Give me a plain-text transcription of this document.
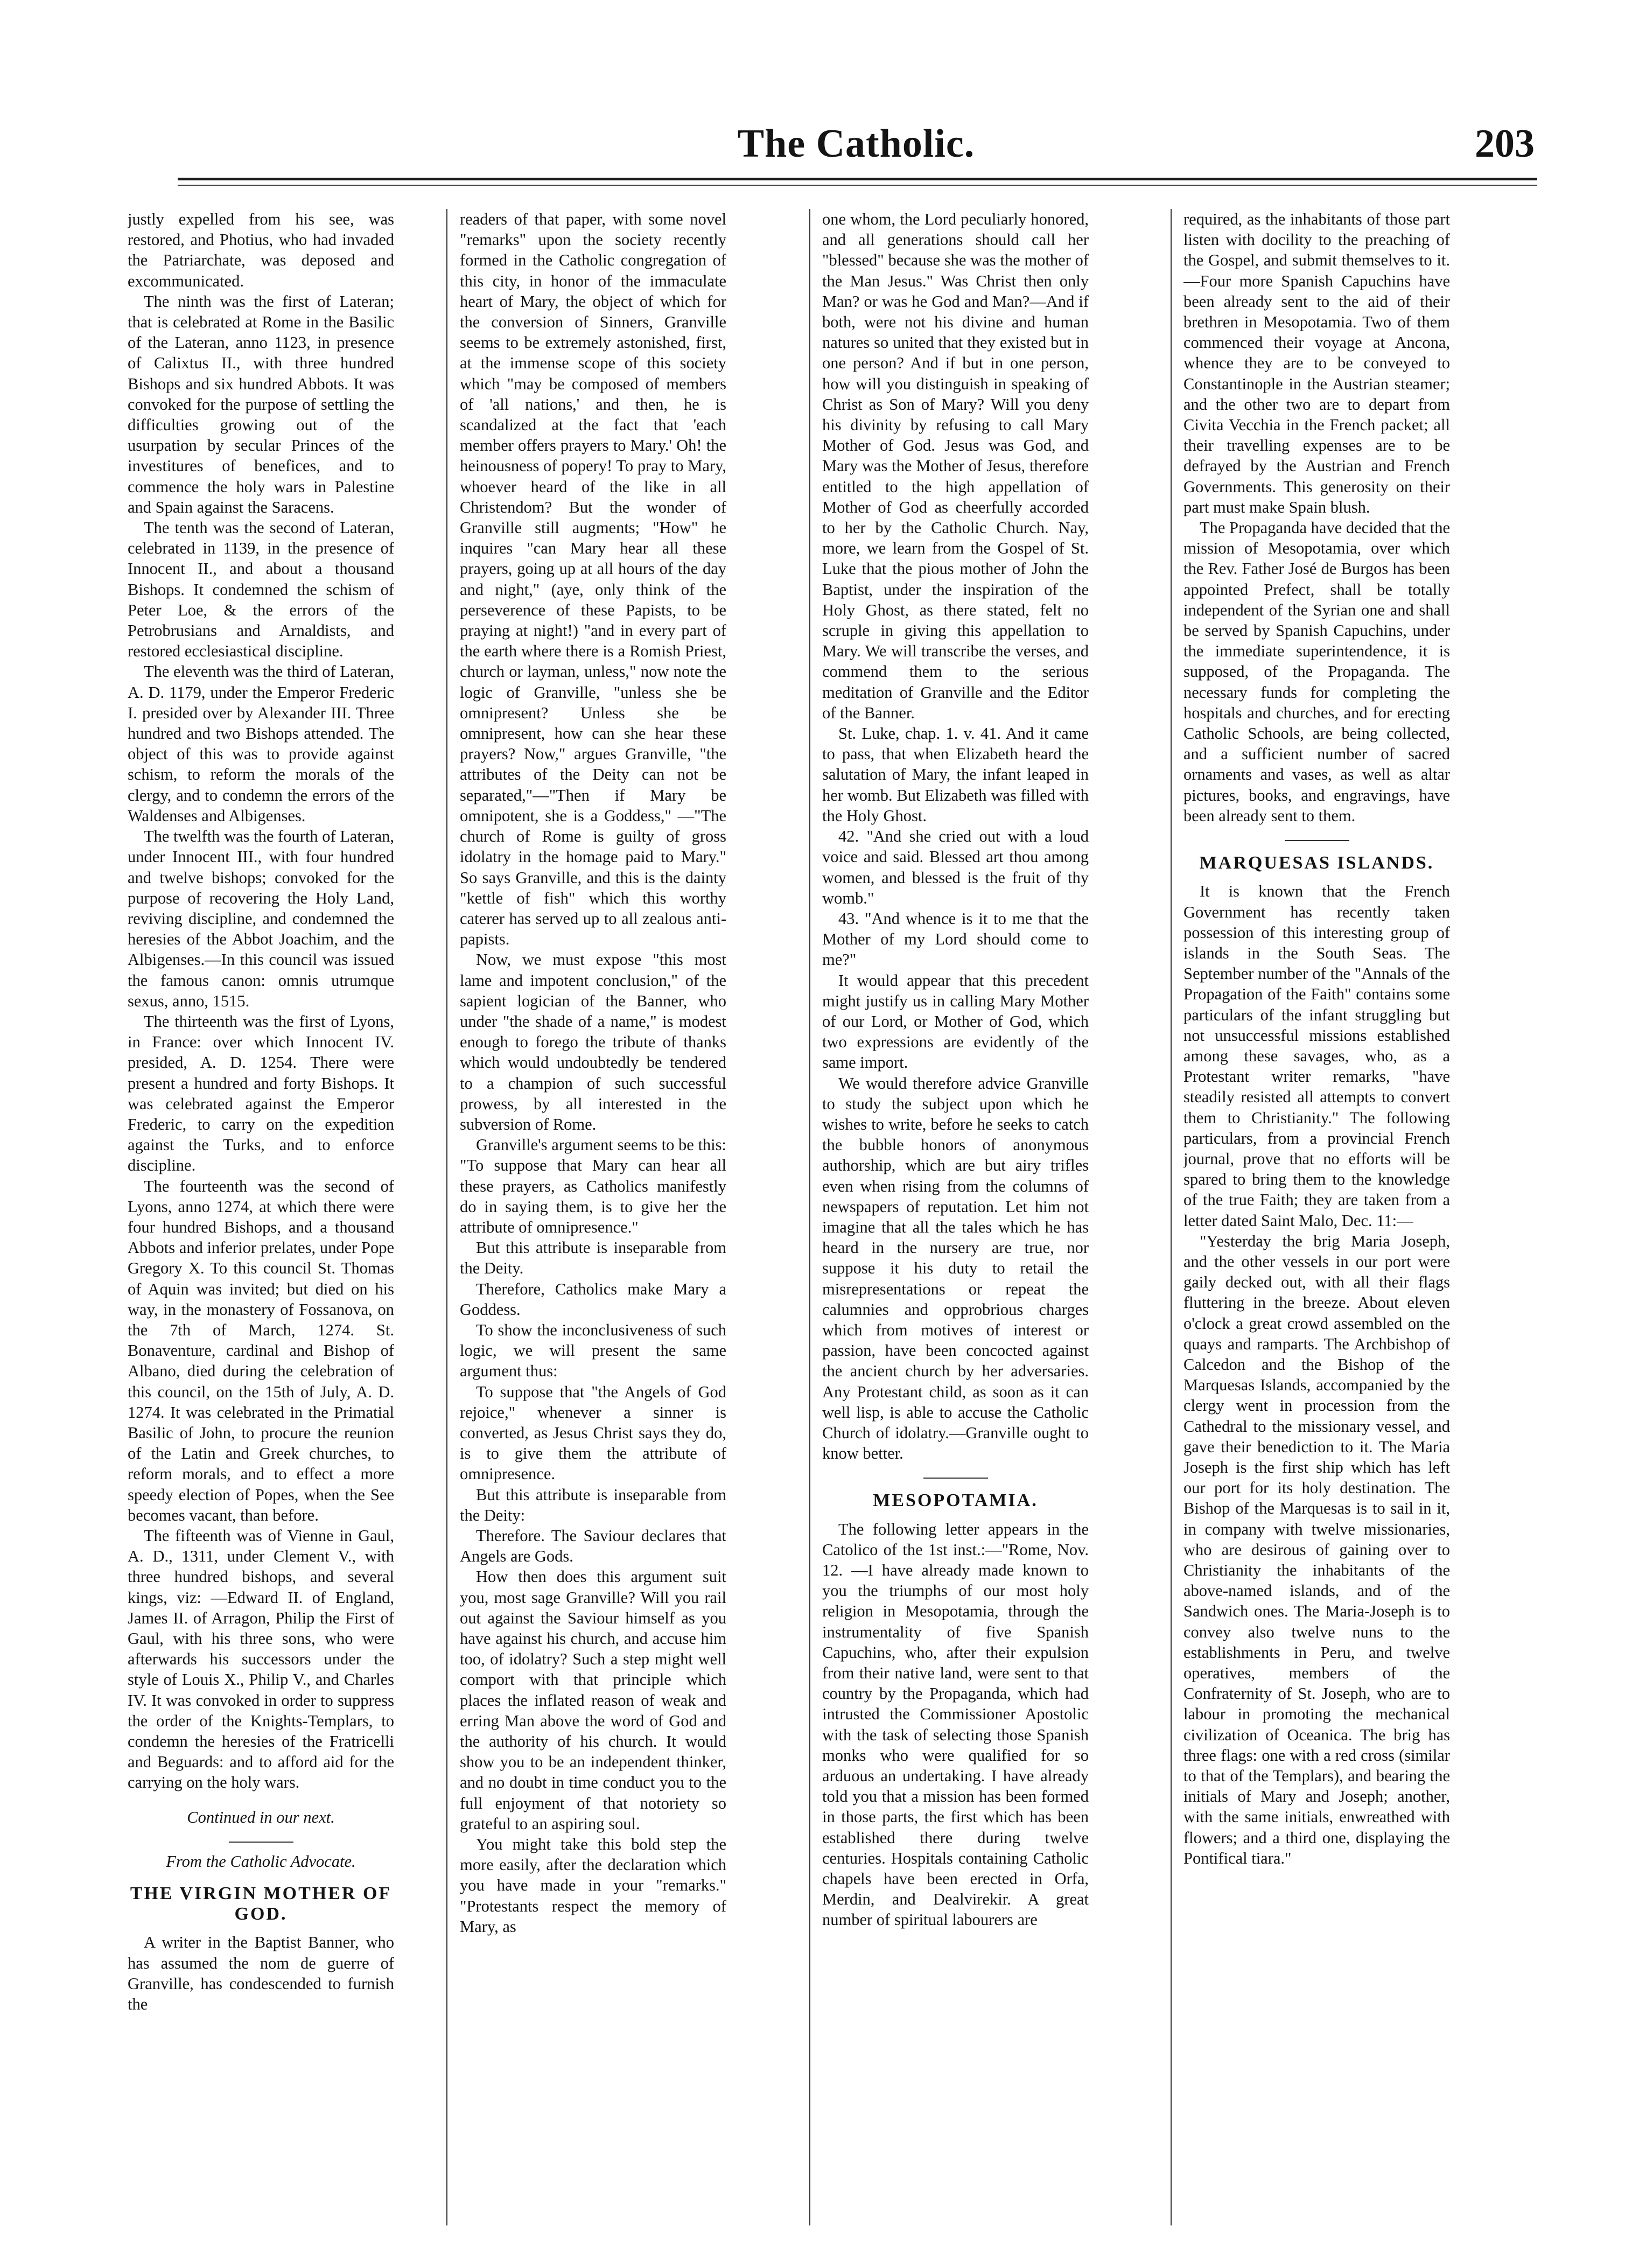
The Catholic.	203

justly expelled from his see, was restored, and Photius, who had invaded the Patriarchate, was deposed and excommunicated.

The ninth was the first of Lateran; that is celebrated at Rome in the Basilic of the Lateran, anno 1123, in presence of Calixtus II., with three hundred Bishops and six hundred Abbots. It was convoked for the purpose of settling the difficulties growing out of the usurpation by secular Princes of the investitures of benefices, and to commence the holy wars in Palestine and Spain against the Saracens.

The tenth was the second of Lateran, celebrated in 1139, in the presence of Innocent II., and about a thousand Bishops. It condemned the schism of Peter Loe, & the errors of the Petrobrusians and Arnaldists, and restored ecclesiastical discipline.

The eleventh was the third of Lateran, A. D. 1179, under the Emperor Frederic I. presided over by Alexander III. Three hundred and two Bishops attended. The object of this was to provide against schism, to reform the morals of the clergy, and to condemn the errors of the Waldenses and Albigenses.

The twelfth was the fourth of Lateran, under Innocent III., with four hundred and twelve bishops; convoked for the purpose of recovering the Holy Land, reviving discipline, and condemned the heresies of the Abbot Joachim, and the Albigenses.—In this council was issued the famous canon: omnis utrumque sexus, anno, 1515.

The thirteenth was the first of Lyons, in France: over which Innocent IV. presided, A. D. 1254. There were present a hundred and forty Bishops. It was celebrated against the Emperor Frederic, to carry on the expedition against the Turks, and to enforce discipline.

The fourteenth was the second of Lyons, anno 1274, at which there were four hundred Bishops, and a thousand Abbots and inferior prelates, under Pope Gregory X. To this council St. Thomas of Aquin was invited; but died on his way, in the monastery of Fossanova, on the 7th of March, 1274. St. Bonaventure, cardinal and Bishop of Albano, died during the celebration of this council, on the 15th of July, A. D. 1274. It was celebrated in the Primatial Basilic of John, to procure the reunion of the Latin and Greek churches, to reform morals, and to effect a more speedy election of Popes, when the See becomes vacant, than before.

The fifteenth was of Vienne in Gaul, A. D., 1311, under Clement V., with three hundred bishops, and several kings, viz: —Edward II. of England, James II. of Arragon, Philip the First of Gaul, with his three sons, who were afterwards his successors under the style of Louis X., Philip V., and Charles IV. It was convoked in order to suppress the order of the Knights-Templars, to condemn the heresies of the Fratricelli and Beguards: and to afford aid for the carrying on the holy wars.

Continued in our next.

From the Catholic Advocate.

THE VIRGIN MOTHER OF GOD.

A writer in the Baptist Banner, who has assumed the nom de guerre of Granville, has condescended to furnish the

readers of that paper, with some novel "remarks" upon the society recently formed in the Catholic congregation of this city, in honor of the immaculate heart of Mary, the object of which for the conversion of Sinners, Granville seems to be extremely astonished, first, at the immense scope of this society which "may be composed of members of 'all nations,' and then, he is scandalized at the fact that 'each member offers prayers to Mary.' Oh! the heinousness of popery! To pray to Mary, whoever heard of the like in all Christendom? But the wonder of Granville still augments; "How" he inquires "can Mary hear all these prayers, going up at all hours of the day and night," (aye, only think of the perseverence of these Papists, to be praying at night!) "and in every part of the earth where there is a Romish Priest, church or layman, unless," now note the logic of Granville, "unless she be omnipresent? Unless she be omnipresent, how can she hear these prayers? Now," argues Granville, "the attributes of the Deity can not be separated,"—"Then if Mary be omnipotent, she is a Goddess," —"The church of Rome is guilty of gross idolatry in the homage paid to Mary." So says Granville, and this is the dainty "kettle of fish" which this worthy caterer has served up to all zealous anti-papists.

Now, we must expose "this most lame and impotent conclusion," of the sapient logician of the Banner, who under "the shade of a name," is modest enough to forego the tribute of thanks which would undoubtedly be tendered to a champion of such successful prowess, by all interested in the subversion of Rome.

Granville's argument seems to be this: "To suppose that Mary can hear all these prayers, as Catholics manifestly do in saying them, is to give her the attribute of omnipresence."

But this attribute is inseparable from the Deity.

Therefore, Catholics make Mary a Goddess.

To show the inconclusiveness of such logic, we will present the same argument thus:

To suppose that "the Angels of God rejoice," whenever a sinner is converted, as Jesus Christ says they do, is to give them the attribute of omnipresence.

But this attribute is inseparable from the Deity:

Therefore. The Saviour declares that Angels are Gods.

How then does this argument suit you, most sage Granville? Will you rail out against the Saviour himself as you have against his church, and accuse him too, of idolatry? Such a step might well comport with that principle which places the inflated reason of weak and erring Man above the word of God and the authority of his church. It would show you to be an independent thinker, and no doubt in time conduct you to the full enjoyment of that notoriety so grateful to an aspiring soul.

You might take this bold step the more easily, after the declaration which you have made in your "remarks." "Protestants respect the memory of Mary, as

one whom, the Lord peculiarly honored, and all generations should call her "blessed" because she was the mother of the Man Jesus." Was Christ then only Man? or was he God and Man?—And if both, were not his divine and human natures so united that they existed but in one person? And if but in one person, how will you distinguish in speaking of Christ as Son of Mary? Will you deny his divinity by refusing to call Mary Mother of God. Jesus was God, and Mary was the Mother of Jesus, therefore entitled to the high appellation of Mother of God as cheerfully accorded to her by the Catholic Church. Nay, more, we learn from the Gospel of St. Luke that the pious mother of John the Baptist, under the inspiration of the Holy Ghost, as there stated, felt no scruple in giving this appellation to Mary. We will transcribe the verses, and commend them to the serious meditation of Granville and the Editor of the Banner.

St. Luke, chap. 1. v. 41. And it came to pass, that when Elizabeth heard the salutation of Mary, the infant leaped in her womb. But Elizabeth was filled with the Holy Ghost.

42. "And she cried out with a loud voice and said. Blessed art thou among women, and blessed is the fruit of thy womb."

43. "And whence is it to me that the Mother of my Lord should come to me?"

It would appear that this precedent might justify us in calling Mary Mother of our Lord, or Mother of God, which two expressions are evidently of the same import.

We would therefore advice Granville to study the subject upon which he wishes to write, before he seeks to catch the bubble honors of anonymous authorship, which are but airy trifles even when rising from the columns of newspapers of reputation. Let him not imagine that all the tales which he has heard in the nursery are true, nor suppose it his duty to retail the misrepresentations or repeat the calumnies and opprobrious charges which from motives of interest or passion, have been concocted against the ancient church by her adversaries. Any Protestant child, as soon as it can well lisp, is able to accuse the Catholic Church of idolatry.—Granville ought to know better.

MESOPOTAMIA.

The following letter appears in the Catolico of the 1st inst.:—"Rome, Nov. 12. —I have already made known to you the triumphs of our most holy religion in Mesopotamia, through the instrumentality of five Spanish Capuchins, who, after their expulsion from their native land, were sent to that country by the Propaganda, which had intrusted the Commissioner Apostolic with the task of selecting those Spanish monks who were qualified for so arduous an undertaking. I have already told you that a mission has been formed in those parts, the first which has been established there during twelve centuries. Hospitals containing Catholic chapels have been erected in Orfa, Merdin, and Dealvirekir. A great number of spiritual labourers are

required, as the inhabitants of those part listen with docility to the preaching of the Gospel, and submit themselves to it.—Four more Spanish Capuchins have been already sent to the aid of their brethren in Mesopotamia. Two of them commenced their voyage at Ancona, whence they are to be conveyed to Constantinople in the Austrian steamer; and the other two are to depart from Civita Vecchia in the French packet; all their travelling expenses are to be defrayed by the Austrian and French Governments. This generosity on their part must make Spain blush.

The Propaganda have decided that the mission of Mesopotamia, over which the Rev. Father José de Burgos has been appointed Prefect, shall be totally independent of the Syrian one and shall be served by Spanish Capuchins, under the immediate superintendence, it is supposed, of the Propaganda. The necessary funds for completing the hospitals and churches, and for erecting Catholic Schools, are being collected, and a sufficient number of sacred ornaments and vases, as well as altar pictures, books, and engravings, have been already sent to them.

MARQUESAS ISLANDS.

It is known that the French Government has recently taken possession of this interesting group of islands in the South Seas. The September number of the "Annals of the Propagation of the Faith" contains some particulars of the infant struggling but not unsuccessful missions established among these savages, who, as a Protestant writer remarks, "have steadily resisted all attempts to convert them to Christianity." The following particulars, from a provincial French journal, prove that no efforts will be spared to bring them to the knowledge of the true Faith; they are taken from a letter dated Saint Malo, Dec. 11:—

"Yesterday the brig Maria Joseph, and the other vessels in our port were gaily decked out, with all their flags fluttering in the breeze. About eleven o'clock a great crowd assembled on the quays and ramparts. The Archbishop of Calcedon and the Bishop of the Marquesas Islands, accompanied by the clergy went in procession from the Cathedral to the missionary vessel, and gave their benediction to it. The Maria Joseph is the first ship which has left our port for its holy destination. The Bishop of the Marquesas is to sail in it, in company with twelve missionaries, who are desirous of gaining over to Christianity the inhabitants of the above-named islands, and of the Sandwich ones. The Maria-Joseph is to convey also twelve nuns to the establishments in Peru, and twelve operatives, members of the Confraternity of St. Joseph, who are to labour in promoting the mechanical civilization of Oceanica. The brig has three flags: one with a red cross (similar to that of the Templars), and bearing the initials of Mary and Joseph; another, with the same initials, enwreathed with flowers; and a third one, displaying the Pontifical tiara."
